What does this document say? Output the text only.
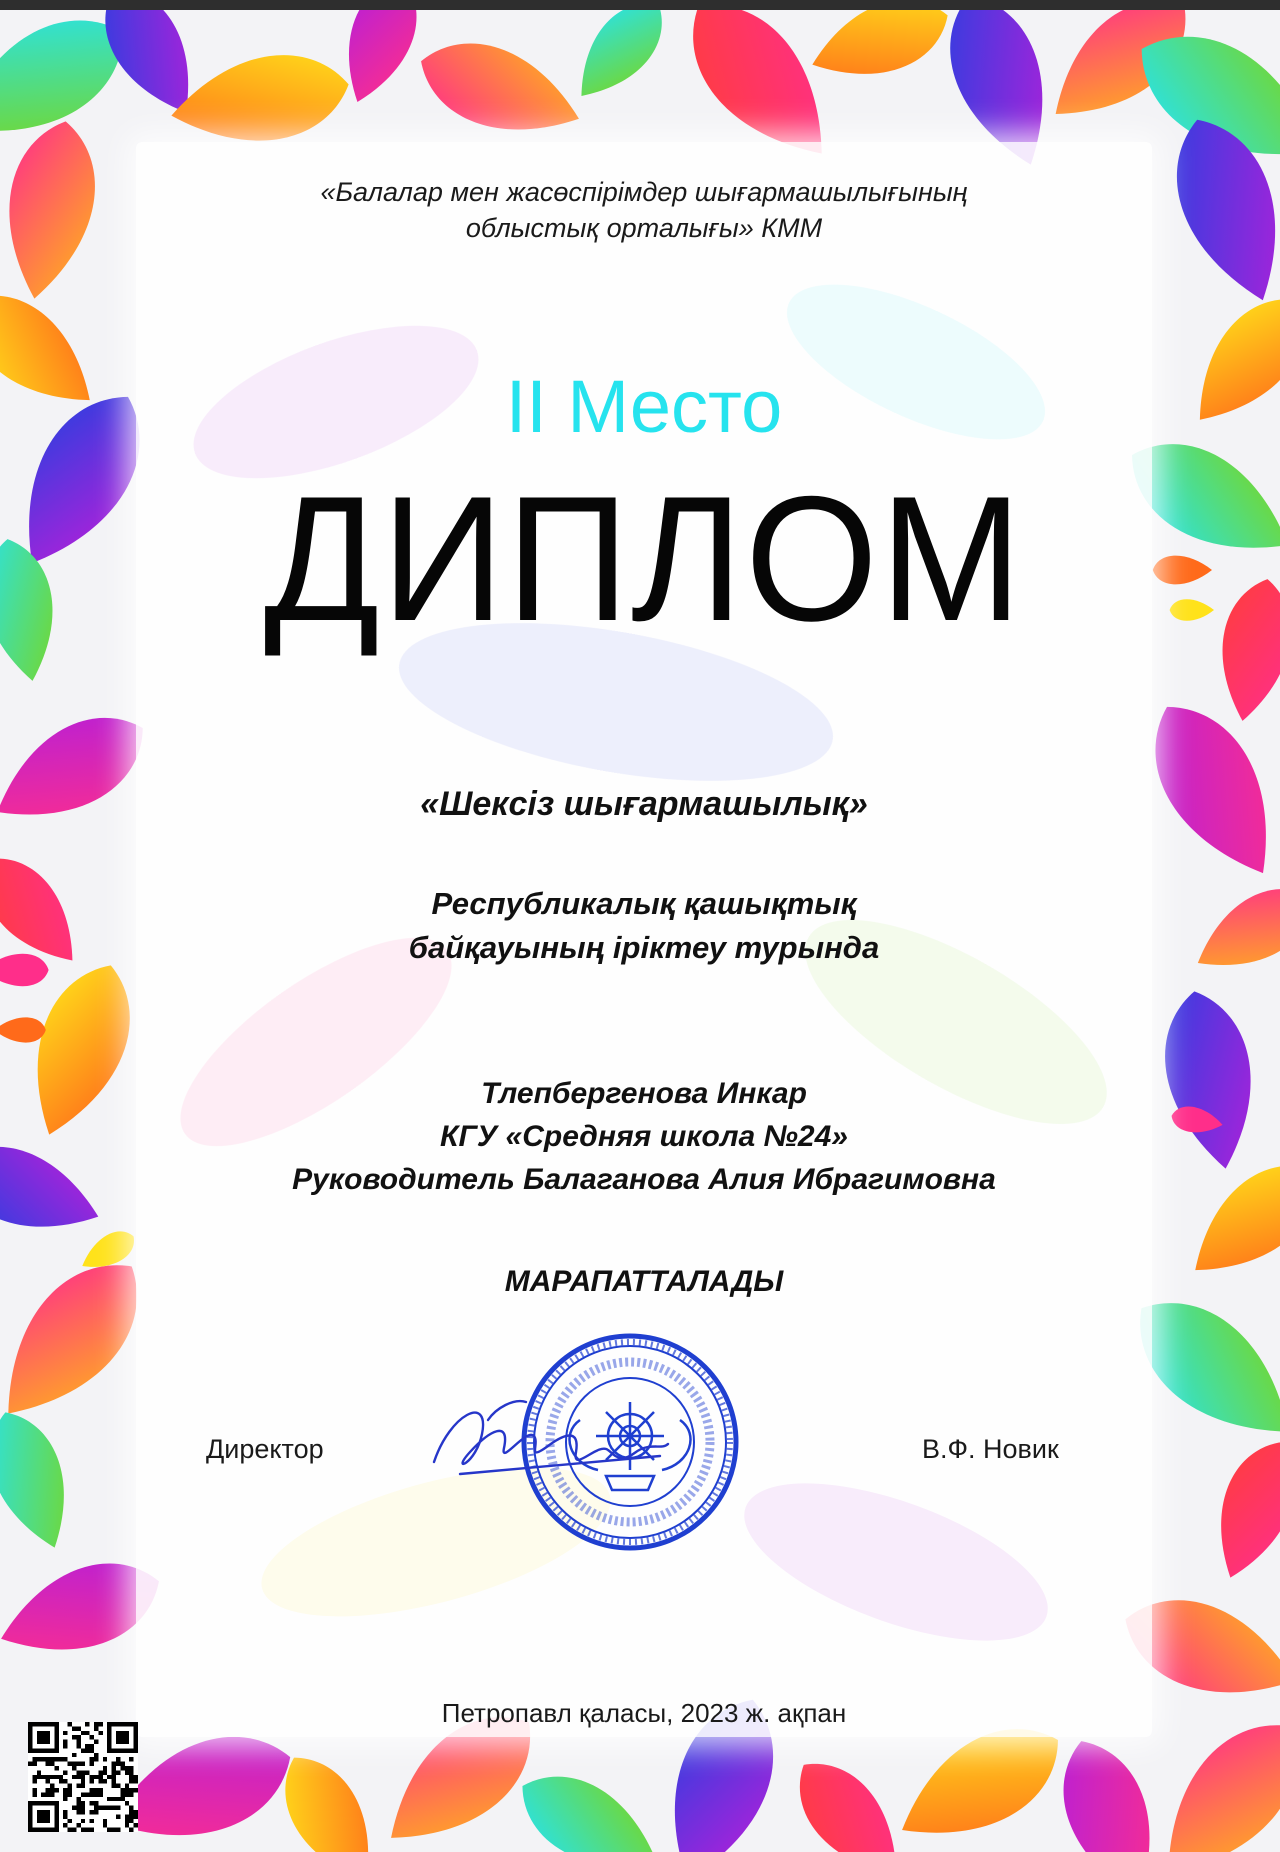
«Балалар мен жасөспірімдер шығармашылығының
облыстық орталығы» КММ
II Место
ДИПЛОМ
«Шексіз шығармашылық»
Республикалық қашықтық
байқауының іріктеу турында
Тлепбергенова Инкар
КГУ «Средняя школа №24»
Руководитель Балаганова Алия Ибрагимовна
МАРАПАТТАЛАДЫ
Директор	В.Ф. Новик
Петропавл қаласы, 2023 ж. ақпан
